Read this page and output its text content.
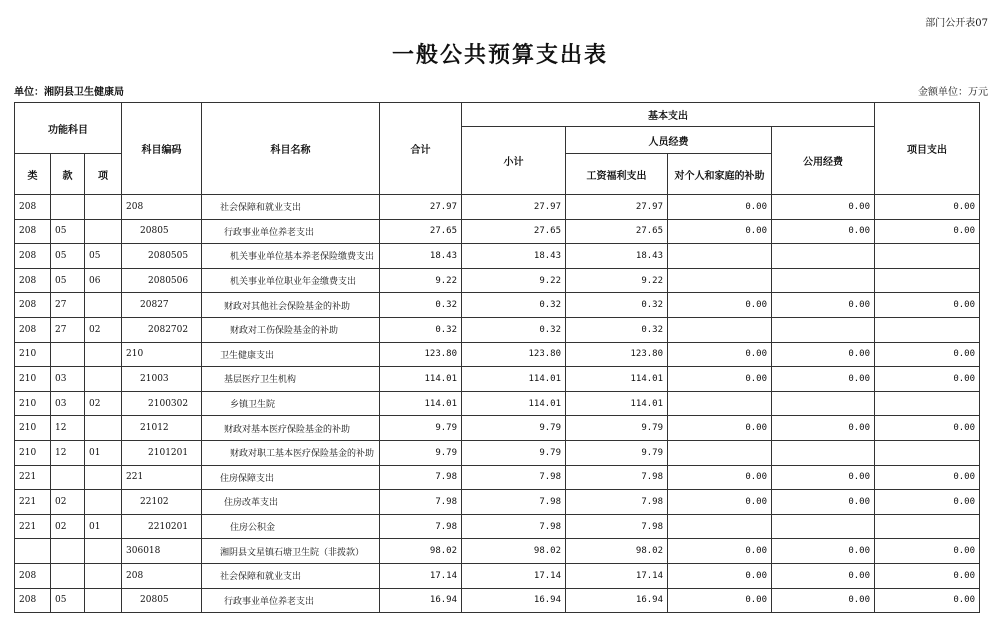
部门公开表07
一般公共预算支出表
单位：湘阴县卫生健康局	金额单位：万元
功能科目			科目编码	科目名称	合计	基本支出				项目支出
						小计	人员经费		公用经费	
类	款	项					工资福利支出	对个人和家庭的补助		
208			208	社会保障和就业支出	27.97	27.97	27.97	0.00	0.00	0.00
208	05		20805	行政事业单位养老支出	27.65	27.65	27.65	0.00	0.00	0.00
208	05	05	2080505	机关事业单位基本养老保险缴费支出	18.43	18.43	18.43			
208	05	06	2080506	机关事业单位职业年金缴费支出	9.22	9.22	9.22			
208	27		20827	财政对其他社会保险基金的补助	0.32	0.32	0.32	0.00	0.00	0.00
208	27	02	2082702	财政对工伤保险基金的补助	0.32	0.32	0.32			
210			210	卫生健康支出	123.80	123.80	123.80	0.00	0.00	0.00
210	03		21003	基层医疗卫生机构	114.01	114.01	114.01	0.00	0.00	0.00
210	03	02	2100302	乡镇卫生院	114.01	114.01	114.01			
210	12		21012	财政对基本医疗保险基金的补助	9.79	9.79	9.79	0.00	0.00	0.00
210	12	01	2101201	财政对职工基本医疗保险基金的补助	9.79	9.79	9.79			
221			221	住房保障支出	7.98	7.98	7.98	0.00	0.00	0.00
221	02		22102	住房改革支出	7.98	7.98	7.98	0.00	0.00	0.00
221	02	01	2210201	住房公积金	7.98	7.98	7.98			
			306018	湘阴县文星镇石塘卫生院（非拨款）	98.02	98.02	98.02	0.00	0.00	0.00
208			208	社会保障和就业支出	17.14	17.14	17.14	0.00	0.00	0.00
208	05		20805	行政事业单位养老支出	16.94	16.94	16.94	0.00	0.00	0.00
